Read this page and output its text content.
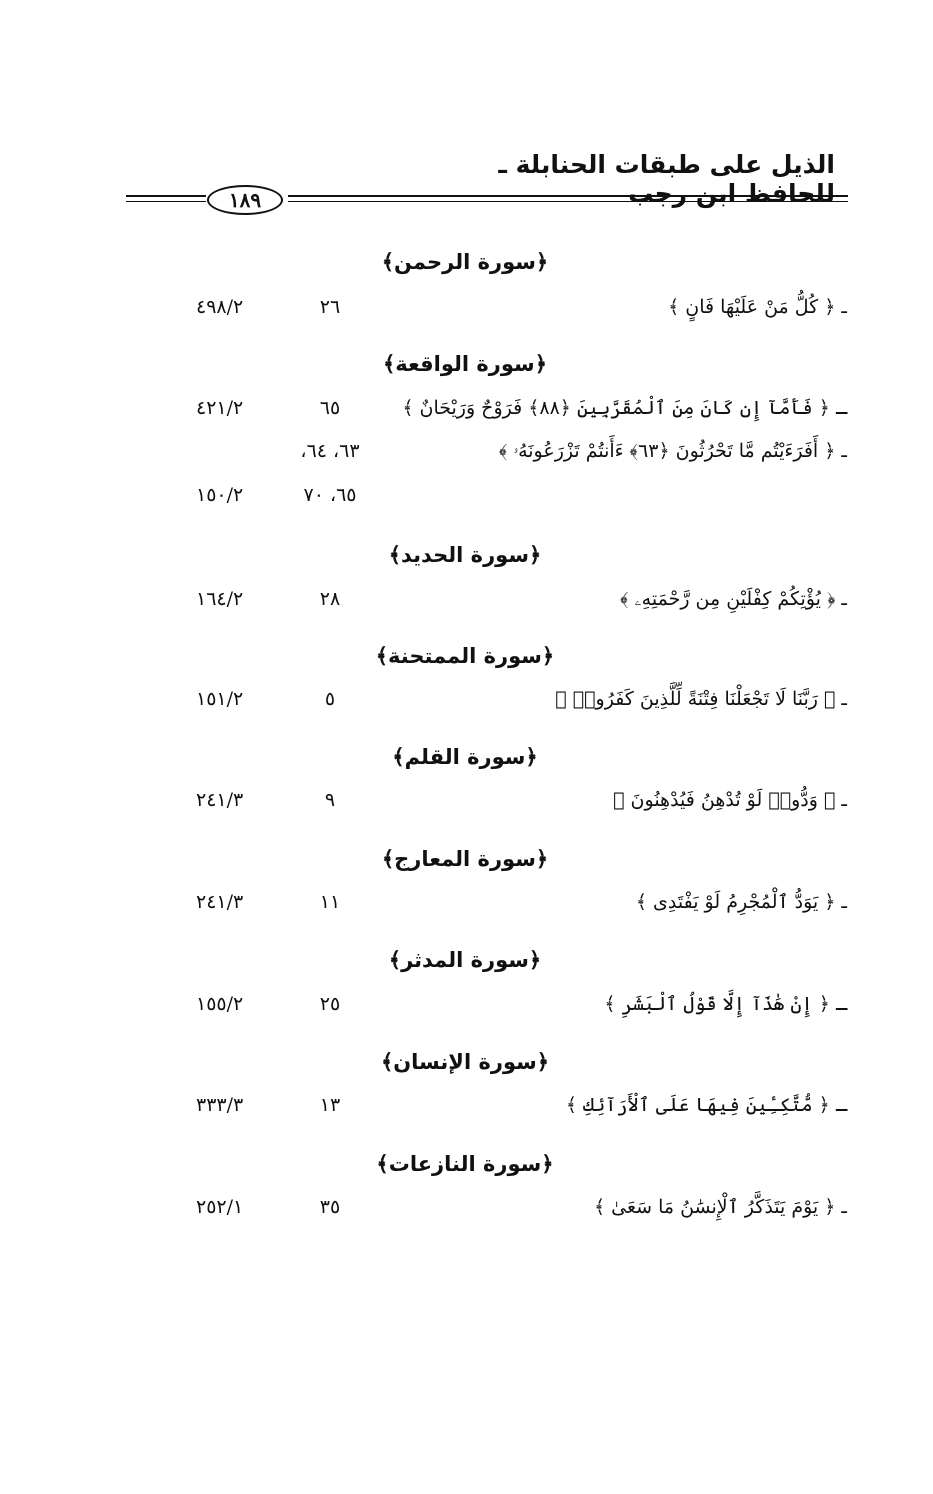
الذيل على طبقات الحنابلة ـ للحافظ ابن رجب
١٨٩
﴿سورة الرحمن﴾
ـ ﴿ كُلُّ مَنْ عَلَيْهَا فَانٍ ﴾
٢٦
٤٩٨/٢
﴿سورة الواقعة﴾
ـ ﴿ فَأَمَّآ إِن كَانَ مِنَ ٱلْمُقَرَّبِينَ ﴿٨٨﴾ فَرَوْحٌ وَرَيْحَانٌ ﴾
٦٥
٤٢١/٢
ـ ﴿ أَفَرَءَيْتُم مَّا تَحْرُثُونَ ﴿٦٣﴾ ءَأَنتُمْ تَزْرَعُونَهُۥ ﴾
٦٣، ٦٤،
٦٥، ٧٠
١٥٠/٢
﴿سورة الحديد﴾
ـ ﴿ يُؤْتِكُمْ كِفْلَيْنِ مِن رَّحْمَتِهِۦ ﴾
٢٨
١٦٤/٢
﴿سورة الممتحنة﴾
ـ ﴿ رَبَّنَا لَا تَجْعَلْنَا فِتْنَةً لِّلَّذِينَ كَفَرُوا۟ ﴾
٥
١٥١/٢
﴿سورة القلم﴾
ـ ﴿ وَدُّوا۟ لَوْ تُدْهِنُ فَيُدْهِنُونَ ﴾
٩
٢٤١/٣
﴿سورة المعارج﴾
ـ ﴿ يَوَدُّ ٱلْمُجْرِمُ لَوْ يَفْتَدِى ﴾
١١
٢٤١/٣
﴿سورة المدثر﴾
ـ ﴿ إِنْ هَٰذَآ إِلَّا قَوْلُ ٱلْبَشَرِ ﴾
٢٥
١٥٥/٢
﴿سورة الإنسان﴾
ـ ﴿ مُّتَّكِـِٔينَ فِيهَا عَلَى ٱلْأَرَآئِكِ ﴾
١٣
٣٣٣/٣
﴿سورة النازعات﴾
ـ ﴿ يَوْمَ يَتَذَكَّرُ ٱلْإِنسَٰنُ مَا سَعَىٰ ﴾
٣٥
٢٥٢/١
